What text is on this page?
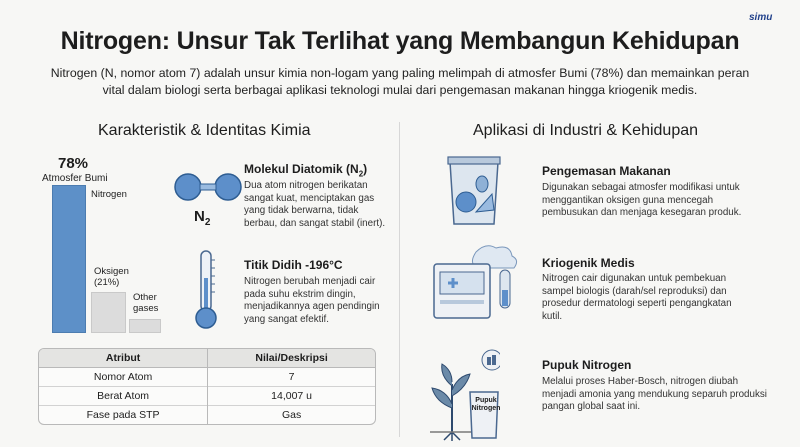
simu
Nitrogen: Unsur Tak Terlihat yang Membangun Kehidupan
Nitrogen (N, nomor atom 7) adalah unsur kimia non-logam yang paling melimpah di atmosfer Bumi (78%) dan memainkan peran vital dalam biologi serta berbagai aplikasi teknologi mulai dari pengemasan makanan hingga kriogenik medis.
Karakteristik & Identitas Kimia	Aplikasi di Industri & Kehidupan
78%
Atmosfer Bumi
Nitrogen
Oksigen (21%)
Other gases
$N_2$
Molekul Diatomik $(N_2)$
Dua atom nitrogen berikatan sangat kuat, menciptakan gas yang tidak berwarna, tidak berbau, dan sangat stabil (inert).
Titik Didih -196°C
Nitrogen berubah menjadi cair pada suhu ekstrim dingin, menjadikannya agen pendingin yang sangat efektif.
Atribut	Nilai/Deskripsi
Nomor Atom	7
Berat Atom	14,007 u
Fase pada STP	Gas
Pengemasan Makanan
Digunakan sebagai atmosfer modifikasi untuk menggantikan oksigen guna mencegah pembusukan dan menjaga kesegaran produk.
Kriogenik Medis
Nitrogen cair digunakan untuk pembekuan sampel biologis (darah/sel reproduksi) dan prosedur dermatologi seperti pengangkatan kutil.
Pupuk
Nitrogen
Pupuk Nitrogen
Melalui proses Haber-Bosch, nitrogen diubah menjadi amonia yang mendukung separuh produksi pangan global saat ini.
